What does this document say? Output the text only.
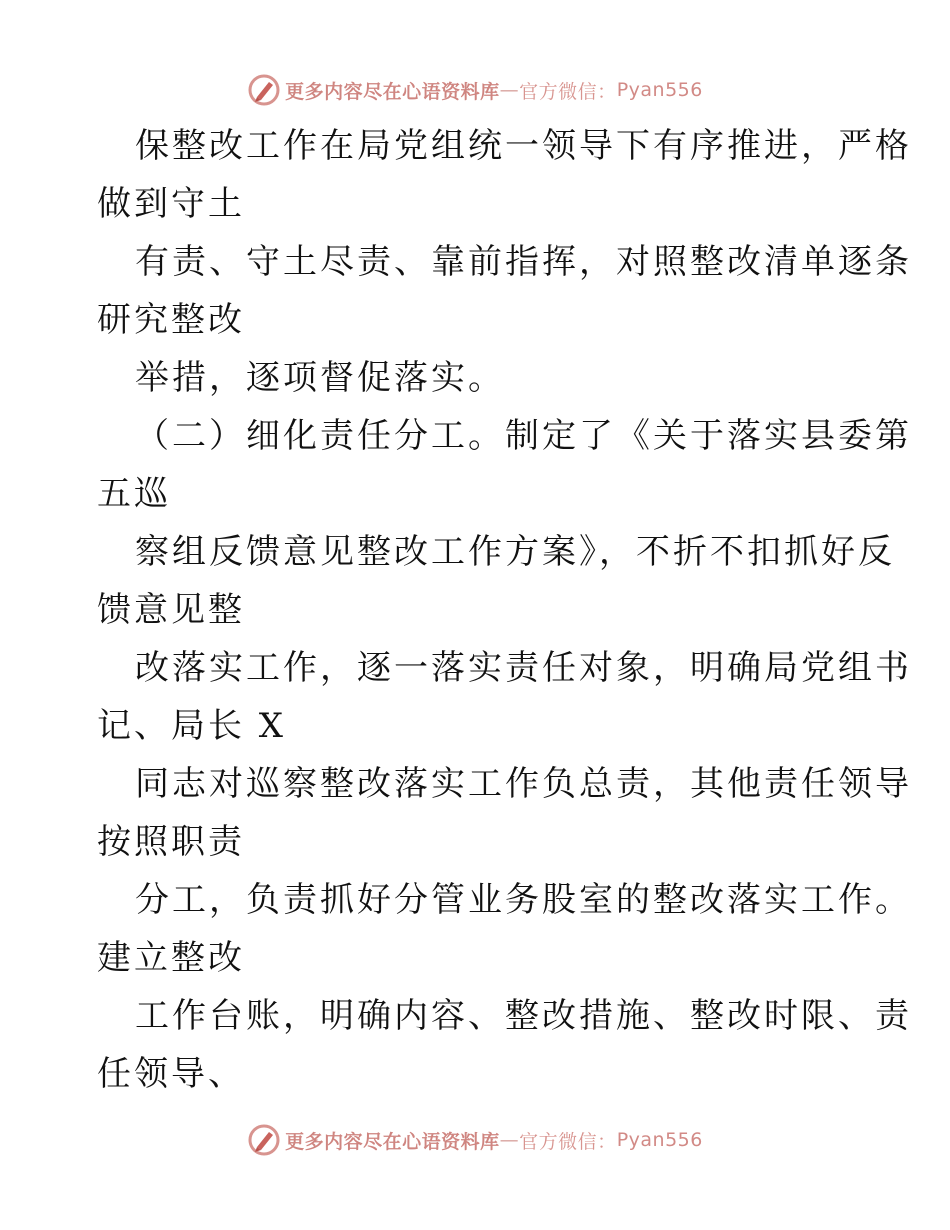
更多内容尽在心语资料库 — 官方微信： Pyan556
保整改工作在局党组统一领导下有序推进，严格
做到守土
有责、守土尽责、靠前指挥，对照整改清单逐条
研究整改
举措，逐项督促落实。
（二）细化责任分工。制定了《关于落实县委第
五巡
察组反馈意见整改工作方案》，不折不扣抓好反
馈意见整
改落实工作，逐一落实责任对象，明确局党组书
记、局长 X
同志对巡察整改落实工作负总责，其他责任领导
按照职责
分工，负责抓好分管业务股室的整改落实工作。
建立整改
工作台账，明确内容、整改措施、整改时限、责
任领导、
更多内容尽在心语资料库 — 官方微信： Pyan556
